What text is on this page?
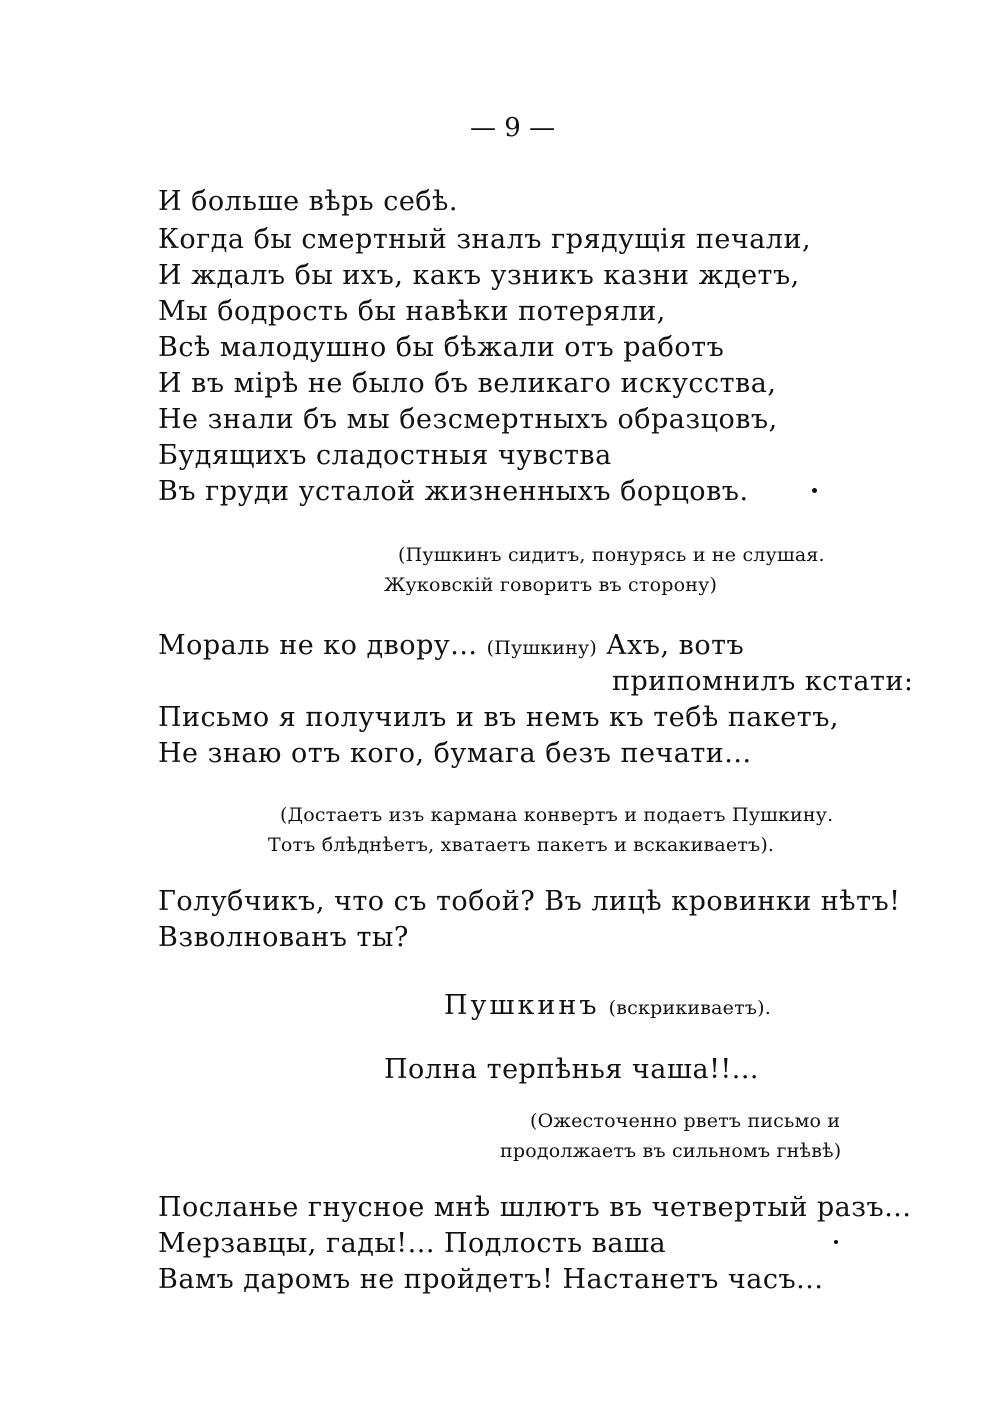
— 9 —
И больше вѣрь себѣ.
Когда бы смертный зналъ грядущія печали,
И ждалъ бы ихъ, какъ узникъ казни ждетъ,
Мы бодрость бы навѣки потеряли,
Всѣ малодушно бы бѣжали отъ работъ
И въ мірѣ не было бъ великаго искусства,
Не знали бъ мы безсмертныхъ образцовъ,
Будящихъ сладостныя чувства
Въ груди усталой жизненныхъ борцовъ.
(Пушкинъ сидитъ, понурясь и не слушая.
Жуковскій говоритъ въ сторону)
Мораль не ко двору... (Пушкину) Ахъ, вотъ
припомнилъ кстати:
Письмо я получилъ и въ немъ къ тебѣ пакетъ,
Не знаю отъ кого, бумага безъ печати...
(Достаетъ изъ кармана конвертъ и подаетъ Пушкину.
Тотъ блѣднѣетъ, хватаетъ пакетъ и вскакиваетъ).
Голубчикъ, что съ тобой? Въ лицѣ кровинки нѣтъ!
Взволнованъ ты?
Пушкинъ (вскрикиваетъ).
Полна терпѣнья чаша!!...
(Ожесточенно рветъ письмо и
продолжаетъ въ сильномъ гнѣвѣ)
Посланье гнусное мнѣ шлютъ въ четвертый разъ...
Мерзавцы, гады!... Подлость ваша
Вамъ даромъ не пройдетъ! Настанетъ часъ...
